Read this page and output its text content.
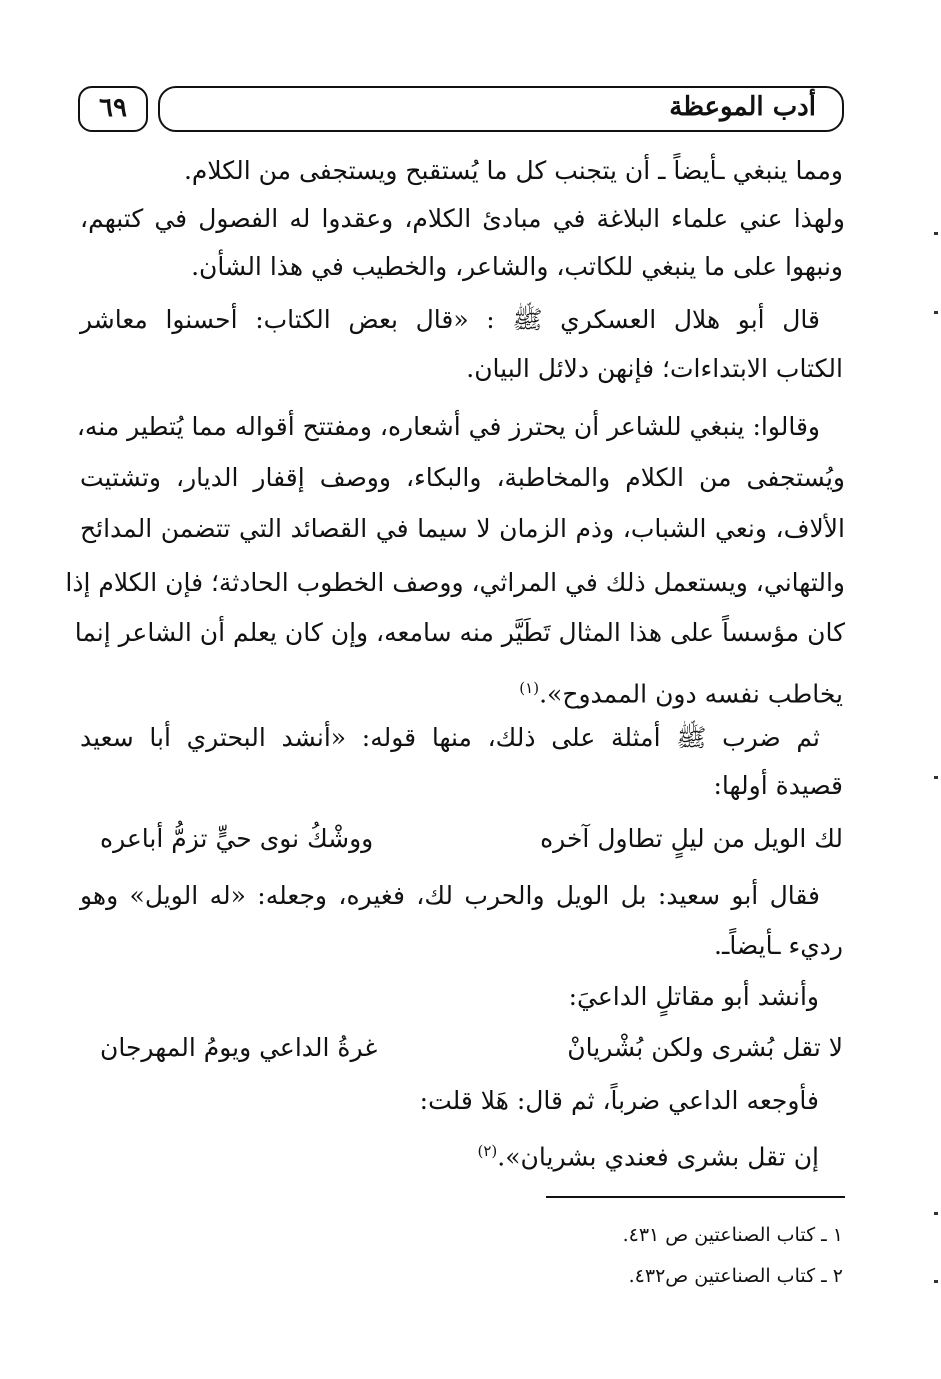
أدب الموعظة
٦٩
ومما ينبغي ـأيضاً ـ أن يتجنب كل ما يُستقبح ويستجفى من الكلام.
ولهذا عني علماء البلاغة في مبادئ الكلام، وعقدوا له الفصول في كتبهم،
ونبهوا على ما ينبغي للكاتب، والشاعر، والخطيب في هذا الشأن.
قال أبو هلال العسكري ﷺ : «قال بعض الكتاب: أحسنوا معاشر
الكتاب الابتداءات؛ فإنهن دلائل البيان.
وقالوا: ينبغي للشاعر أن يحترز في أشعاره، ومفتتح أقواله مما يُتطير منه،
ويُستجفى من الكلام والمخاطبة، والبكاء، ووصف إقفار الديار، وتشتيت
الألاف، ونعي الشباب، وذم الزمان لا سيما في القصائد التي تتضمن المدائح
والتهاني، ويستعمل ذلك في المراثي، ووصف الخطوب الحادثة؛ فإن الكلام إذا
كان مؤسساً على هذا المثال تَطَيَّر منه سامعه، وإن كان يعلم أن الشاعر إنما
يخاطب نفسه دون الممدوح».$^{(١)}$
ثم ضرب ﷺ أمثلة على ذلك، منها قوله: «أنشد البحتري أبا سعيد
قصيدة أولها:
لك الويل من ليلٍ تطاول آخره
ووشْكُ نوى حيٍّ تزمُّ أباعره
فقال أبو سعيد: بل الويل والحرب لك، فغيره، وجعله: «له الويل» وهو
رديء ـأيضاًـ.
وأنشد أبو مقاتلٍ الداعيَ:
لا تقل بُشرى ولكن بُشْريانْ
غرةُ الداعي ويومُ المهرجان
فأوجعه الداعي ضرباً، ثم قال: هَلا قلت:
إن تقل بشرى فعندي بشريان».$^{(٢)}$
١ ـ كتاب الصناعتين ص ٤٣١.
٢ ـ كتاب الصناعتين ص٤٣٢.
